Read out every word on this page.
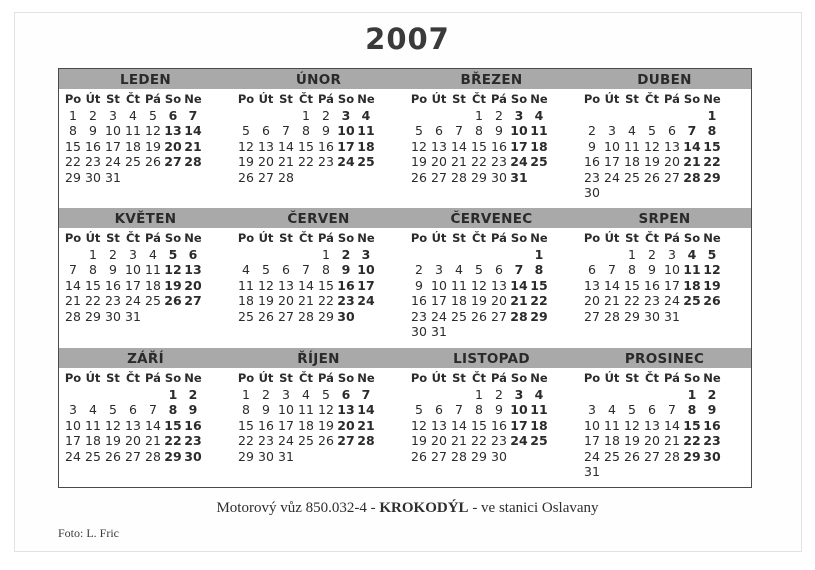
2007
LEDEN
Po Út St Čt Pá So Ne
1 2 3 4 5 6 7
8 9 10 11 12 13 14
15 16 17 18 19 20 21
22 23 24 25 26 27 28
29 30 31
ÚNOR
Po Út St Čt Pá So Ne
1 2 3 4
5 6 7 8 9 10 11
12 13 14 15 16 17 18
19 20 21 22 23 24 25
26 27 28
BŘEZEN
Po Út St Čt Pá So Ne
1 2 3 4
5 6 7 8 9 10 11
12 13 14 15 16 17 18
19 20 21 22 23 24 25
26 27 28 29 30 31
DUBEN
Po Út St Čt Pá So Ne
1
2 3 4 5 6 7 8
9 10 11 12 13 14 15
16 17 18 19 20 21 22
23 24 25 26 27 28 29
30
KVĚTEN
Po Út St Čt Pá So Ne
1 2 3 4 5 6
7 8 9 10 11 12 13
14 15 16 17 18 19 20
21 22 23 24 25 26 27
28 29 30 31
ČERVEN
Po Út St Čt Pá So Ne
1 2 3
4 5 6 7 8 9 10
11 12 13 14 15 16 17
18 19 20 21 22 23 24
25 26 27 28 29 30
ČERVENEC
Po Út St Čt Pá So Ne
1
2 3 4 5 6 7 8
9 10 11 12 13 14 15
16 17 18 19 20 21 22
23 24 25 26 27 28 29
30 31
SRPEN
Po Út St Čt Pá So Ne
1 2 3 4 5
6 7 8 9 10 11 12
13 14 15 16 17 18 19
20 21 22 23 24 25 26
27 28 29 30 31
ZÁŘÍ
Po Út St Čt Pá So Ne
1 2
3 4 5 6 7 8 9
10 11 12 13 14 15 16
17 18 19 20 21 22 23
24 25 26 27 28 29 30
ŘÍJEN
Po Út St Čt Pá So Ne
1 2 3 4 5 6 7
8 9 10 11 12 13 14
15 16 17 18 19 20 21
22 23 24 25 26 27 28
29 30 31
LISTOPAD
Po Út St Čt Pá So Ne
1 2 3 4
5 6 7 8 9 10 11
12 13 14 15 16 17 18
19 20 21 22 23 24 25
26 27 28 29 30
PROSINEC
Po Út St Čt Pá So Ne
1 2
3 4 5 6 7 8 9
10 11 12 13 14 15 16
17 18 19 20 21 22 23
24 25 26 27 28 29 30
31
Motorový vůz 850.032-4 - KROKODÝL - ve stanici Oslavany
Foto: L. Fric
